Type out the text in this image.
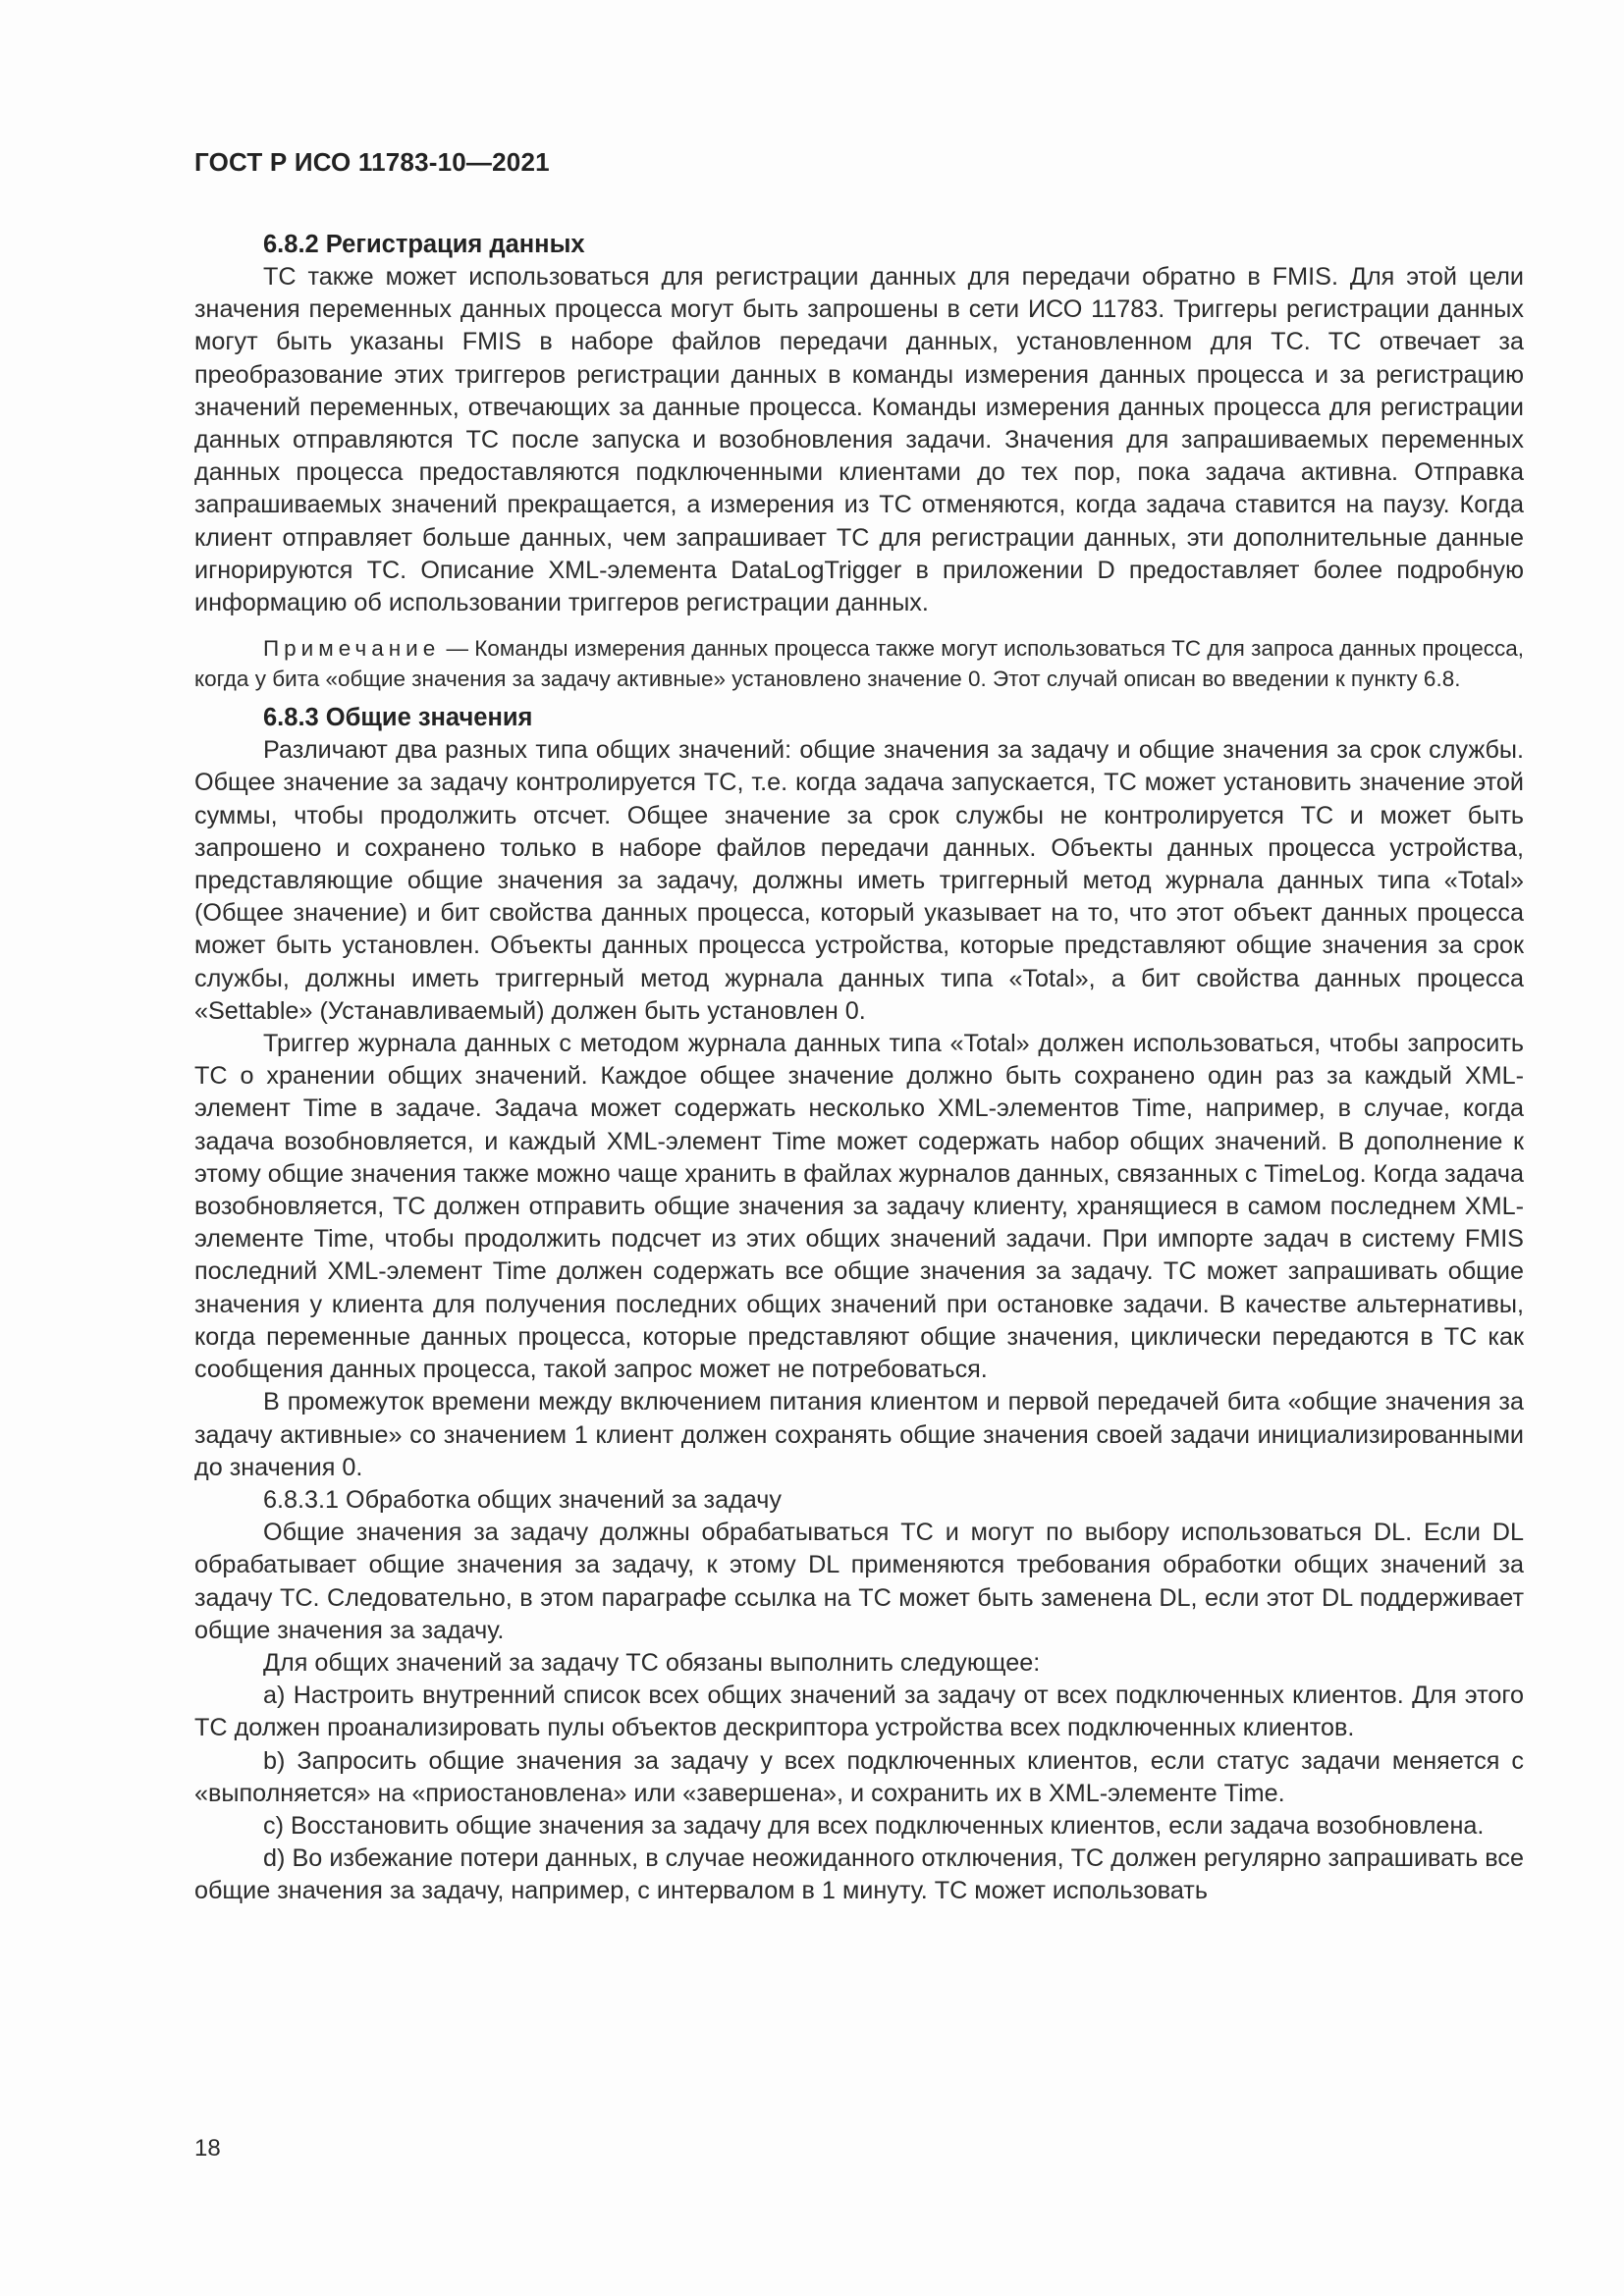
ГОСТ Р ИСО 11783-10—2021
6.8.2 Регистрация данных

TC также может использоваться для регистрации данных для передачи обратно в FMIS. Для этой цели значения переменных данных процесса могут быть запрошены в сети ИСО 11783. Триггеры регистрации данных могут быть указаны FMIS в наборе файлов передачи данных, установленном для TC. TC отвечает за преобразование этих триггеров регистрации данных в команды измерения данных процесса и за регистрацию значений переменных, отвечающих за данные процесса. Команды измерения данных процесса для регистрации данных отправляются TC после запуска и возобновления задачи. Значения для запрашиваемых переменных данных процесса предоставляются подключенными клиентами до тех пор, пока задача активна. Отправка запрашиваемых значений прекращается, а измерения из TC отменяются, когда задача ставится на паузу. Когда клиент отправляет больше данных, чем запрашивает TC для регистрации данных, эти дополнительные данные игнорируются TC. Описание XML-элемента DataLogTrigger в приложении D предоставляет более подробную информацию об использовании триггеров регистрации данных.

Примечание — Команды измерения данных процесса также могут использоваться TC для запроса данных процесса, когда у бита «общие значения за задачу активные» установлено значение 0. Этот случай описан во введении к пункту 6.8.

6.8.3 Общие значения

Различают два разных типа общих значений: общие значения за задачу и общие значения за срок службы. Общее значение за задачу контролируется TC, т.е. когда задача запускается, TC может установить значение этой суммы, чтобы продолжить отсчет. Общее значение за срок службы не контролируется TC и может быть запрошено и сохранено только в наборе файлов передачи данных. Объекты данных процесса устройства, представляющие общие значения за задачу, должны иметь триггерный метод журнала данных типа «Total» (Общее значение) и бит свойства данных процесса, который указывает на то, что этот объект данных процесса может быть установлен. Объекты данных процесса устройства, которые представляют общие значения за срок службы, должны иметь триггерный метод журнала данных типа «Total», а бит свойства данных процесса «Settable» (Устанавливаемый) должен быть установлен 0.

Триггер журнала данных с методом журнала данных типа «Total» должен использоваться, чтобы запросить TC о хранении общих значений. Каждое общее значение должно быть сохранено один раз за каждый XML-элемент Time в задаче. Задача может содержать несколько XML-элементов Time, например, в случае, когда задача возобновляется, и каждый XML-элемент Time может содержать набор общих значений. В дополнение к этому общие значения также можно чаще хранить в файлах журналов данных, связанных с TimeLog. Когда задача возобновляется, TC должен отправить общие значения за задачу клиенту, хранящиеся в самом последнем XML-элементе Time, чтобы продолжить подсчет из этих общих значений задачи. При импорте задач в систему FMIS последний XML-элемент Time должен содержать все общие значения за задачу. TC может запрашивать общие значения у клиента для получения последних общих значений при остановке задачи. В качестве альтернативы, когда переменные данных процесса, которые представляют общие значения, циклически передаются в TC как сообщения данных процесса, такой запрос может не потребоваться.

В промежуток времени между включением питания клиентом и первой передачей бита «общие значения за задачу активные» со значением 1 клиент должен сохранять общие значения своей задачи инициализированными до значения 0.

6.8.3.1 Обработка общих значений за задачу

Общие значения за задачу должны обрабатываться TC и могут по выбору использоваться DL. Если DL обрабатывает общие значения за задачу, к этому DL применяются требования обработки общих значений за задачу TC. Следовательно, в этом параграфе ссылка на TC может быть заменена DL, если этот DL поддерживает общие значения за задачу.

Для общих значений за задачу TC обязаны выполнить следующее:

a) Настроить внутренний список всех общих значений за задачу от всех подключенных клиентов. Для этого TC должен проанализировать пулы объектов дескриптора устройства всех подключенных клиентов.

b) Запросить общие значения за задачу у всех подключенных клиентов, если статус задачи меняется с «выполняется» на «приостановлена» или «завершена», и сохранить их в XML-элементе Time.

c) Восстановить общие значения за задачу для всех подключенных клиентов, если задача возобновлена.

d) Во избежание потери данных, в случае неожиданного отключения, TC должен регулярно запрашивать все общие значения за задачу, например, с интервалом в 1 минуту. TC может использовать

18
